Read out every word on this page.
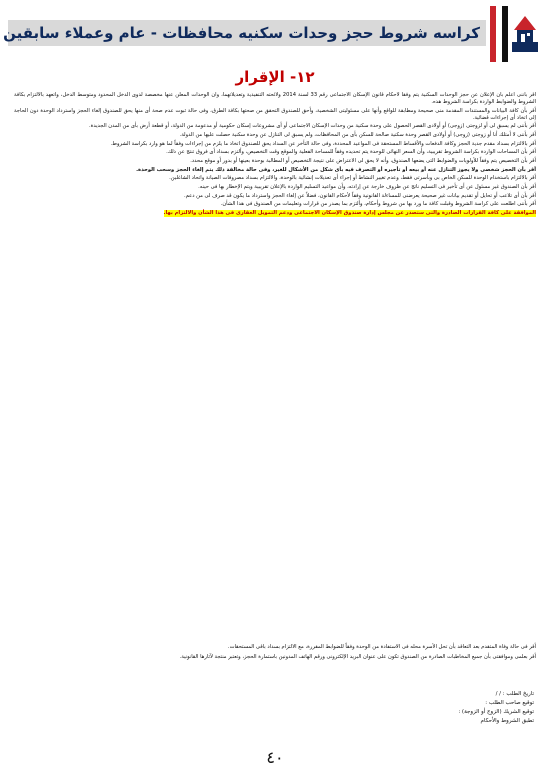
كراسه شروط حجز وحدات سكنيه محافظات - عام وعملاء سابقين
١٢- الإقرار

أقر بأننى أعلم بأن الإعلان عن حجز الوحدات السكنية يتم وفقاً لأحكام قانون الإسكان الاجتماعى رقم 33 لسنة 2014 ولائحته التنفيذية وتعديلاتهما، وأن الوحدات المعلن عنها مخصصة لذوى الدخل المحدود ومتوسط الدخل، وأتعهد بالالتزام بكافة الشروط والضوابط الواردة بكراسة الشروط هذه.

أقر بأن كافة البيانات والمستندات المقدمة منى صحيحة ومطابقة للواقع وأنها على مسئوليتى الشخصية، وأحق للصندوق التحقق من صحتها بكافة الطرق، وفى حالة ثبوت عدم صحة أى منها يحق للصندوق إلغاء الحجز واسترداد الوحدة دون الحاجة إلى اتخاذ أى إجراءات قضائية.

أقر بأننى لم يسبق لى أو لزوجتى (زوجى) أو أولادى القصر الحصول على وحدة سكنية من وحدات الإسكان الاجتماعى أو أى مشروعات إسكان حكومية أو مدعومة من الدولة، أو قطعة أرض بأى من المدن الجديدة.

أقر بأننى لا أمتلك أنا أو زوجتى (زوجى) أو أولادى القصر وحدة سكنية صالحة للسكن بأى من المحافظات، ولم يسبق لى التنازل عن وحدة سكنية حصلت عليها من الدولة.

أقر بالالتزام بسداد مقدم جدية الحجز وكافة الدفعات والأقساط المستحقة فى المواعيد المحددة، وفى حالة التأخر عن السداد يحق للصندوق اتخاذ ما يلزم من إجراءات وفقاً لما هو وارد بكراسة الشروط.

أقر بأن المساحات الواردة بكراسة الشروط تقريبية، وأن السعر النهائى للوحدة يتم تحديده وفقاً للمساحة الفعلية والموقع وقت التخصيص، وألتزم بسداد أى فروق تنتج عن ذلك.

أقر بأن التخصيص يتم وفقاً للأولويات والضوابط التى يضعها الصندوق، وأنه لا يحق لى الاعتراض على نتيجة التخصيص أو المطالبة بوحدة بعينها أو بدور أو موقع محدد.

أقر بأن الحجز شخصى ولا يجوز التنازل عنه أو بيعه أو تأجيره أو التصرف فيه بأى شكل من الأشكال للغير، وفى حالة مخالفة ذلك يتم إلغاء الحجز وسحب الوحدة.

أقر بالالتزام باستخدام الوحدة للسكن الخاص بى وبأسرتى فقط، وعدم تغيير النشاط أو إجراء أى تعديلات إنشائية بالوحدة، والالتزام بسداد مصروفات الصيانة واتحاد الشاغلين.

أقر بأن الصندوق غير مسئول عن أى تأخير فى التسليم ناتج عن ظروف خارجة عن إرادته، وأن مواعيد التسليم الواردة بالإعلان تقريبية ويتم الإخطار بها فى حينه.

أقر بأن أى تلاعب أو تحايل أو تقديم بيانات غير صحيحة يعرضنى للمساءلة القانونية وفقاً لأحكام القانون، فضلاً عن إلغاء الحجز واسترداد ما يكون قد صرف لى من دعم.

أقر بأننى اطلعت على كراسة الشروط وقبلت كافة ما ورد بها من شروط وأحكام، وألتزم بما يصدر من قرارات وتعليمات من الصندوق فى هذا الشأن.

الموافقة على كافة القرارات الصادرة والتى ستصدر عن مجلس إدارة صندوق الإسكان الاجتماعى ودعم التمويل العقارى فى هذا الشأن والالتزام بها.

أقر فى حالة وفاة المتقدم بعد التعاقد بأن تحل الأسرة محله فى الاستفادة من الوحدة وفقاً للضوابط المقررة، مع الالتزام بسداد باقى المستحقات.

أقر بعلمى وموافقتى بأن جميع المخاطبات الصادرة من الصندوق تكون على عنوان البريد الإلكترونى ورقم الهاتف المدونين باستمارة الحجز، وتعتبر منتجة لآثارها القانونية.

تاريخ الطلب : / /
توقيع صاحب الطلب :
توقيع الشريك (الزوج أو الزوجة) :
تطبق الشروط والأحكام
٤٠
